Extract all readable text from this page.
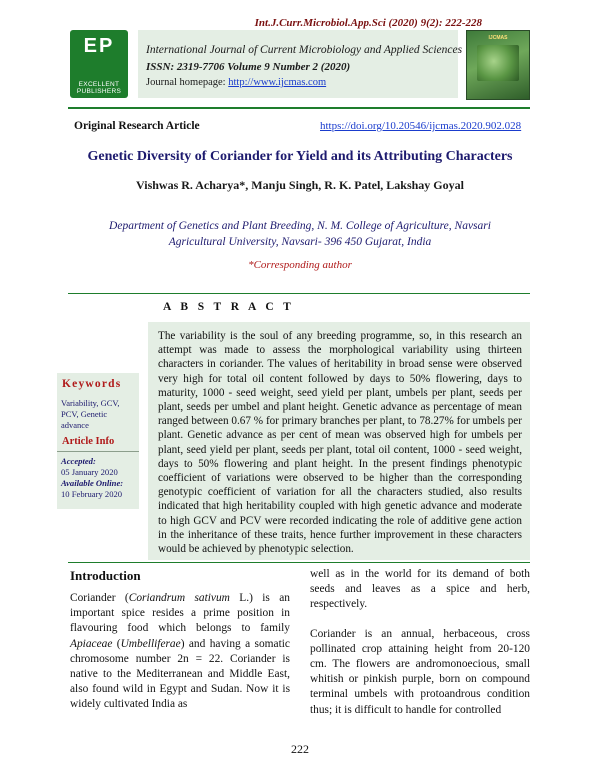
Int.J.Curr.Microbiol.App.Sci (2020) 9(2): 222-228
EP
EXCELLENT PUBLISHERS
International Journal of Current Microbiology and Applied Sciences
ISSN: 2319-7706 Volume 9 Number 2 (2020)
Journal homepage: http://www.ijcmas.com
IJCMAS
Original Research Article	https://doi.org/10.20546/ijcmas.2020.902.028
Genetic Diversity of Coriander for Yield and its Attributing Characters
Vishwas R. Acharya*, Manju Singh, R. K. Patel, Lakshay Goyal
Department of Genetics and Plant Breeding, N. M. College of Agriculture, Navsari
Agricultural University, Navsari- 396 450 Gujarat, India
*Corresponding author
A B S T R A C T
The variability is the soul of any breeding programme, so, in this research an attempt was made to assess the morphological variability using thirteen characters in coriander. The values of heritability in broad sense were observed very high for total oil content followed by days to 50% flowering, days to maturity, 1000 - seed weight, seed yield per plant, umbels per plant, seeds per plant, seeds per umbel and plant height. Genetic advance as percentage of mean ranged between 0.67 % for primary branches per plant, to 78.27% for umbels per plant. Genetic advance as per cent of mean was observed high for umbels per plant, seed yield per plant, seeds per plant, total oil content, 1000 - seed weight, days to 50% flowering and plant height. In the present findings phenotypic coefficient of variations were observed to be higher than the corresponding genotypic coefficient of variation for all the characters studied, also results indicated that high heritability coupled with high genetic advance and moderate to high GCV and PCV were recorded indicating the role of additive gene action in the inheritance of these traits, hence further improvement in these characters would be achieved by phenotypic selection.
Keywords
Variability, GCV, PCV, Genetic advance
Article Info
Accepted:
05 January 2020
Available Online:
10 February 2020
Introduction

Coriander (Coriandrum sativum L.) is an important spice resides a prime position in flavouring food which belongs to family Apiaceae (Umbelliferae) and having a somatic chromosome number 2n = 22. Coriander is native to the Mediterranean and Middle East, also found wild in Egypt and Sudan. Now it is widely cultivated India as

well as in the world for its demand of both seeds and leaves as a spice and herb, respectively.

Coriander is an annual, herbaceous, cross pollinated crop attaining height from 20-120 cm. The flowers are andromonoecious, small whitish or pinkish purple, born on compound terminal umbels with protoandrous condition thus; it is difficult to handle for controlled

222
